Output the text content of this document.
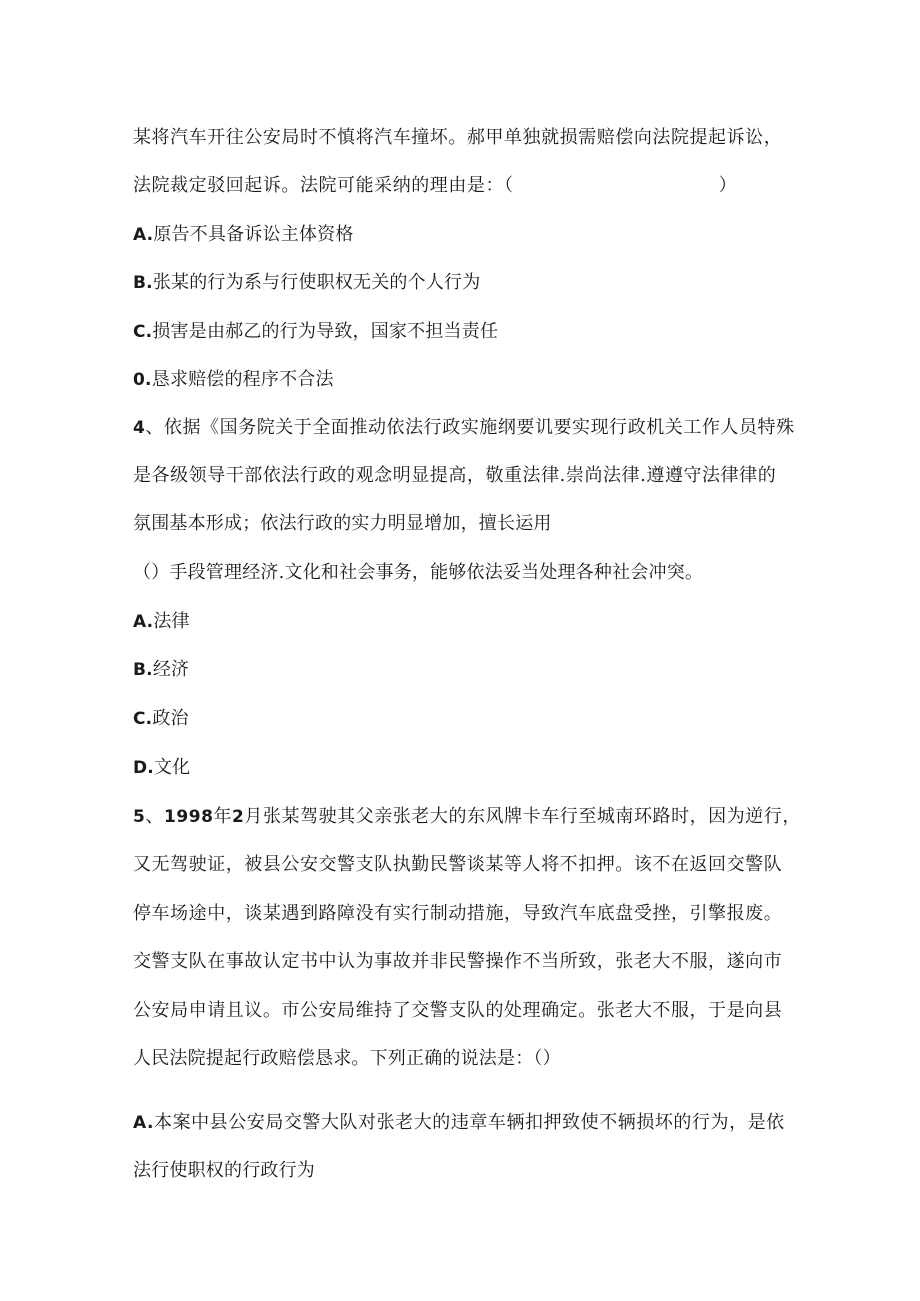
某将汽车开往公安局时不慎将汽车撞坏。郝甲单独就损需赔偿向法院提起诉讼，
法院裁定驳回起诉。法院可能采纳的理由是：（	）
A.原告不具备诉讼主体资格
B.张某的行为系与行使职权无关的个人行为
C.损害是由郝乙的行为导致，国家不担当责任
0.恳求赔偿的程序不合法
4、依据《国务院关于全面推动依法行政实施纲要讥要实现行政机关工作人员特殊
是各级领导干部依法行政的观念明显提高，敬重法律.崇尚法律.遵遵守法律律的
氛围基本形成；依法行政的实力明显增加，擅长运用
（）手段管理经济.文化和社会事务，能够依法妥当处理各种社会冲突。
A.法律
B.经济
C.政治
D.文化
5、1998年2月张某驾驶其父亲张老大的东风牌卡车行至城南环路时，因为逆行，
又无驾驶证，被县公安交警支队执勤民警谈某等人将不扣押。该不在返回交警队
停车场途中，谈某遇到路障没有实行制动措施，导致汽车底盘受挫，引擎报废。
交警支队在事故认定书中认为事故并非民警操作不当所致，张老大不服，遂向市
公安局申请且议。市公安局维持了交警支队的处理确定。张老大不服，于是向县
人民法院提起行政赔偿恳求。下列正确的说法是：（）
A.本案中县公安局交警大队对张老大的违章车辆扣押致使不辆损坏的行为，是依
法行使职权的行政行为
